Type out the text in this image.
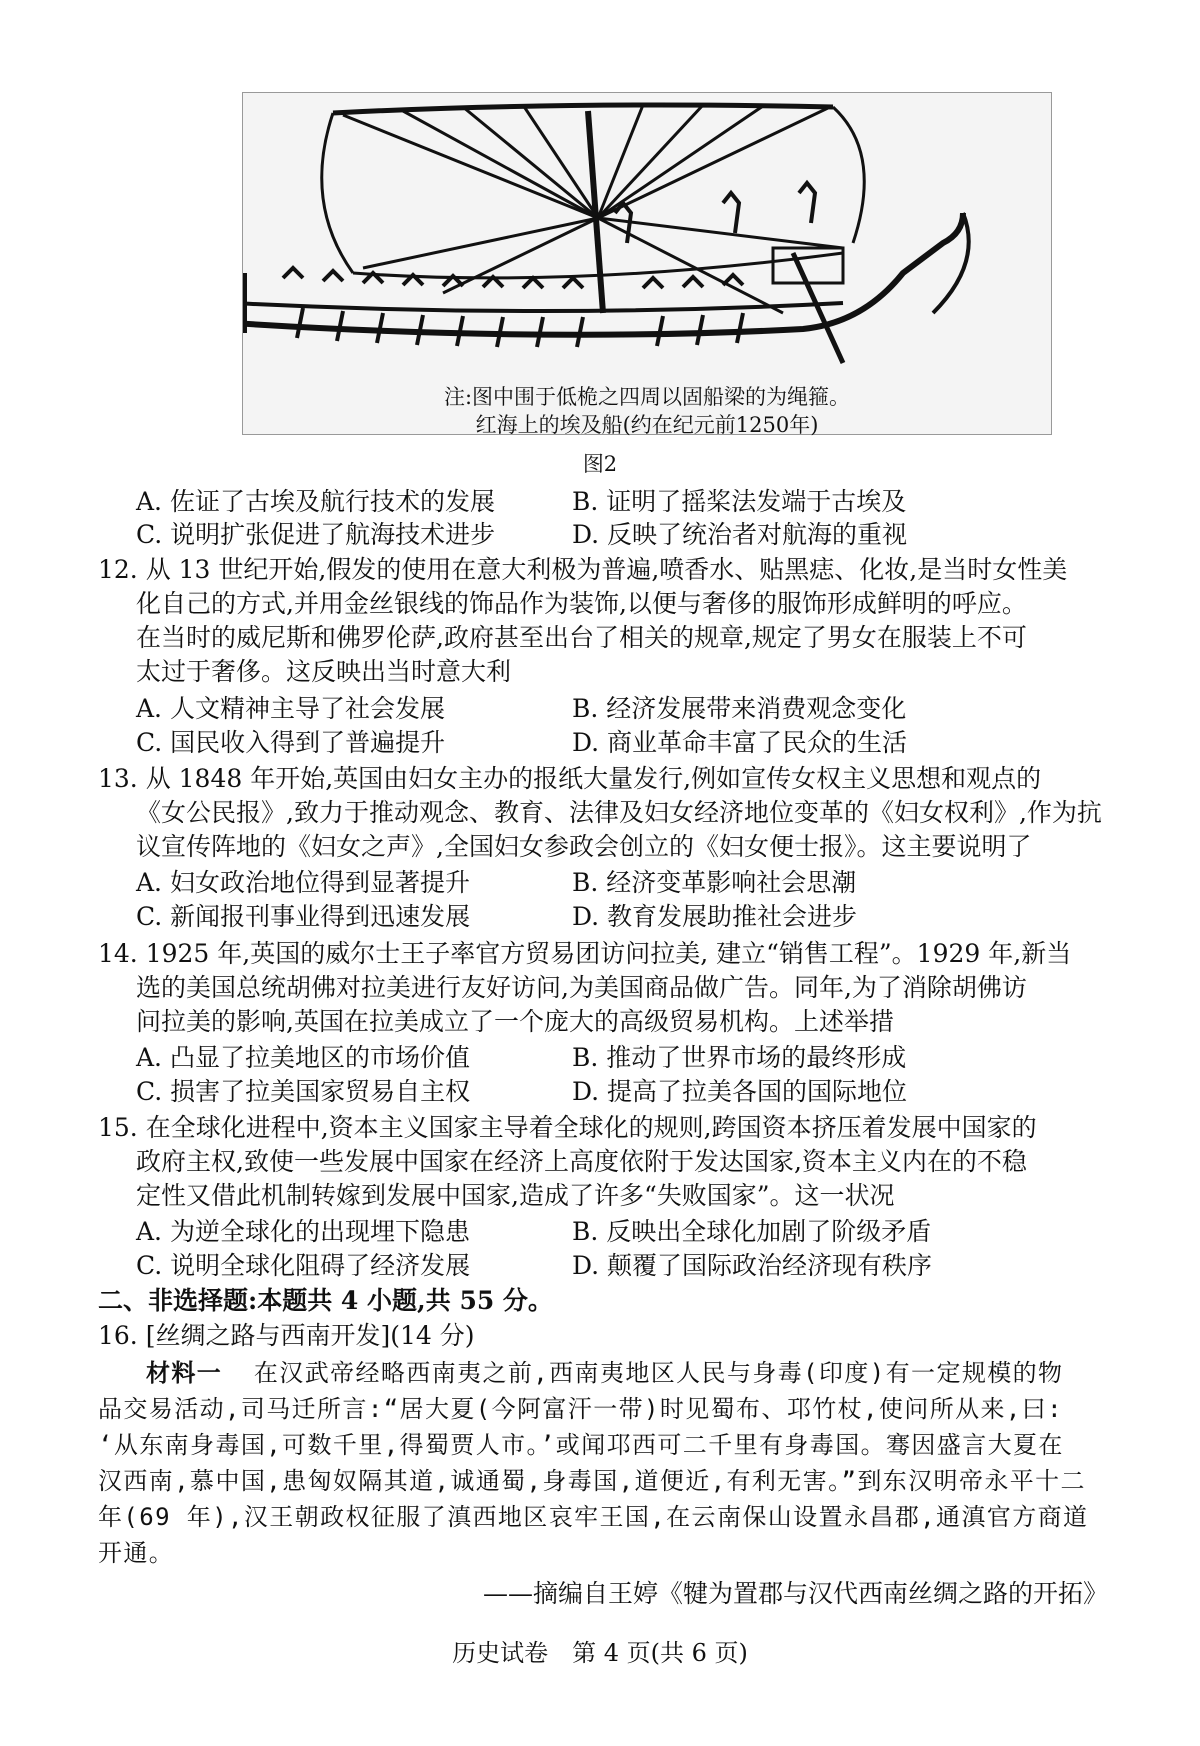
注:图中围于低桅之四周以固船梁的为绳箍。
红海上的埃及船(约在纪元前1250年)
图2
A. 佐证了古埃及航行技术的发展	B. 证明了摇桨法发端于古埃及
C. 说明扩张促进了航海技术进步	D. 反映了统治者对航海的重视
12. 从 13 世纪开始,假发的使用在意大利极为普遍,喷香水、贴黑痣、化妆,是当时女性美
化自己的方式,并用金丝银线的饰品作为装饰,以便与奢侈的服饰形成鲜明的呼应。
在当时的威尼斯和佛罗伦萨,政府甚至出台了相关的规章,规定了男女在服装上不可
太过于奢侈。这反映出当时意大利
A. 人文精神主导了社会发展	B. 经济发展带来消费观念变化
C. 国民收入得到了普遍提升	D. 商业革命丰富了民众的生活
13. 从 1848 年开始,英国由妇女主办的报纸大量发行,例如宣传女权主义思想和观点的
《女公民报》,致力于推动观念、教育、法律及妇女经济地位变革的《妇女权利》,作为抗
议宣传阵地的《妇女之声》,全国妇女参政会创立的《妇女便士报》。这主要说明了
A. 妇女政治地位得到显著提升	B. 经济变革影响社会思潮
C. 新闻报刊事业得到迅速发展	D. 教育发展助推社会进步
14. 1925 年,英国的威尔士王子率官方贸易团访问拉美, 建立“销售工程”。1929 年,新当
选的美国总统胡佛对拉美进行友好访问,为美国商品做广告。同年,为了消除胡佛访
问拉美的影响,英国在拉美成立了一个庞大的高级贸易机构。上述举措
A. 凸显了拉美地区的市场价值	B. 推动了世界市场的最终形成
C. 损害了拉美国家贸易自主权	D. 提高了拉美各国的国际地位
15. 在全球化进程中,资本主义国家主导着全球化的规则,跨国资本挤压着发展中国家的
政府主权,致使一些发展中国家在经济上高度依附于发达国家,资本主义内在的不稳
定性又借此机制转嫁到发展中国家,造成了许多“失败国家”。这一状况
A. 为逆全球化的出现埋下隐患	B. 反映出全球化加剧了阶级矛盾
C. 说明全球化阻碍了经济发展	D. 颠覆了国际政治经济现有秩序
二、非选择题:本题共 4 小题,共 55 分。
16. [丝绸之路与西南开发](14 分)
材料一 在汉武帝经略西南夷之前,西南夷地区人民与身毒(印度)有一定规模的物
品交易活动,司马迁所言:“居大夏(今阿富汗一带)时见蜀布、邛竹杖,使问所从来,曰:
‘从东南身毒国,可数千里,得蜀贾人市。’或闻邛西可二千里有身毒国。骞因盛言大夏在
汉西南,慕中国,患匈奴隔其道,诚通蜀,身毒国,道便近,有利无害。”到东汉明帝永平十二
年(69 年),汉王朝政权征服了滇西地区哀牢王国,在云南保山设置永昌郡,通滇官方商道
开通。
——摘编自王婷《犍为置郡与汉代西南丝绸之路的开拓》
历史试卷　第 4 页(共 6 页)
